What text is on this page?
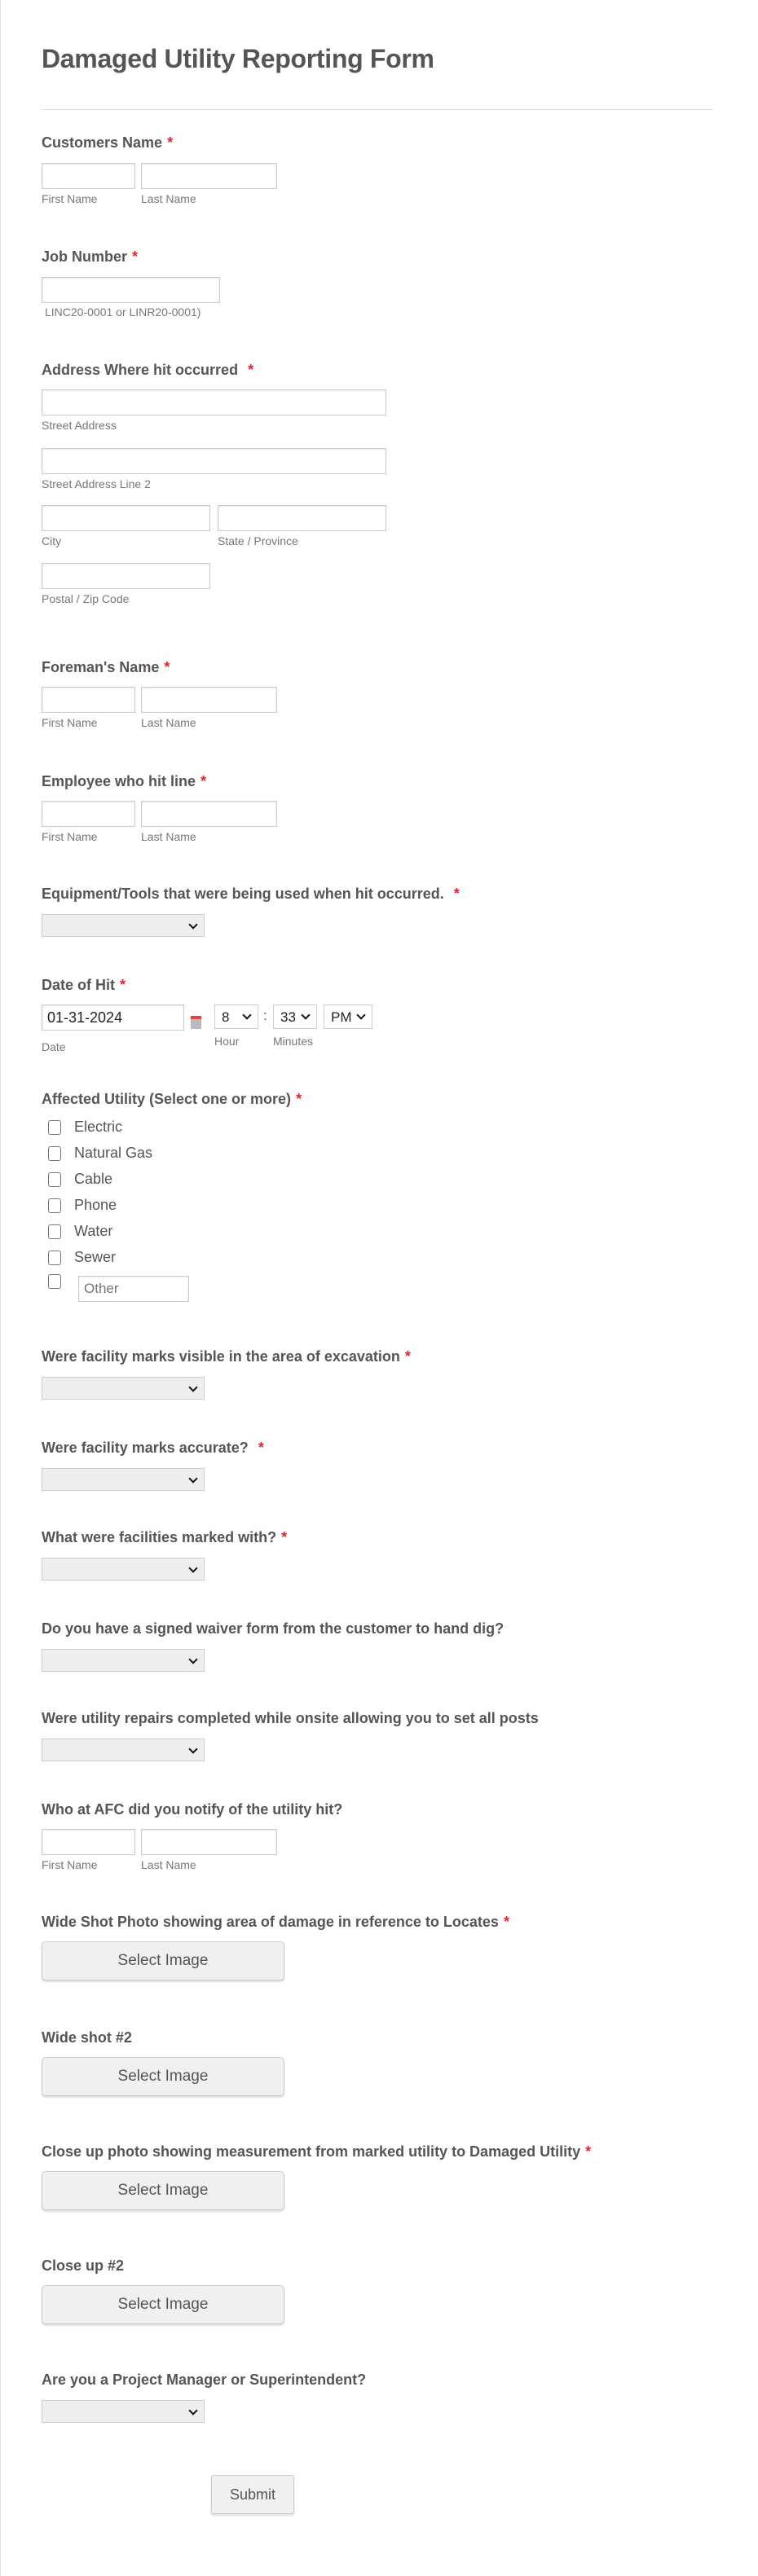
Damaged Utility Reporting Form
Customers Name *
First Name	Last Name
Job Number *
LINC20-0001 or LINR20-0001)
Address Where hit occurred *
Street Address
Street Address Line 2
City	State / Province
Postal / Zip Code
Foreman's Name *
First Name	Last Name
Employee who hit line *
First Name	Last Name
Equipment/Tools that were being used when hit occurred. *
Date of Hit *
01-31-2024
8	: 33	PM
Date	Hour	Minutes
Affected Utility (Select one or more) *
Electric
Natural Gas
Cable
Phone
Water
Sewer
Other
Were facility marks visible in the area of excavation *
Were facility marks accurate? *
What were facilities marked with? *
Do you have a signed waiver form from the customer to hand dig?
Were utility repairs completed while onsite allowing you to set all posts
Who at AFC did you notify of the utility hit?
First Name	Last Name
Wide Shot Photo showing area of damage in reference to Locates *
Select Image
Wide shot #2
Select Image
Close up photo showing measurement from marked utility to Damaged Utility *
Select Image
Close up #2
Select Image
Are you a Project Manager or Superintendent?
Submit
